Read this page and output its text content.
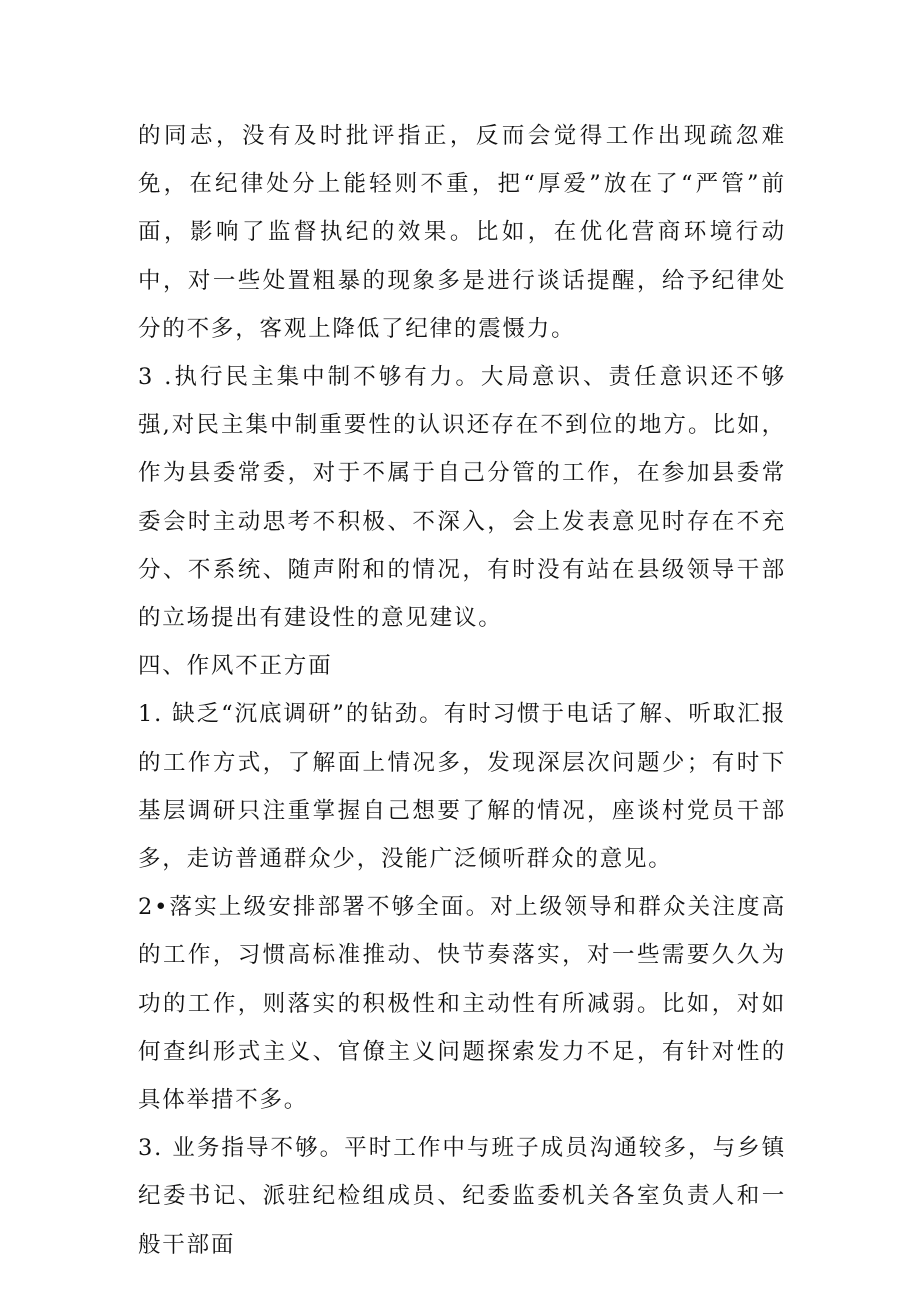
的同志，没有及时批评指正，反而会觉得工作出现疏忽难免，在纪律处分上能轻则不重，把“厚爱”放在了“严管”前面，影响了监督执纪的效果。比如，在优化营商环境行动中，对一些处置粗暴的现象多是进行谈话提醒，给予纪律处分的不多，客观上降低了纪律的震慑力。

3 .执行民主集中制不够有力。大局意识、责任意识还不够强,对民主集中制重要性的认识还存在不到位的地方。比如，作为县委常委，对于不属于自己分管的工作，在参加县委常委会时主动思考不积极、不深入，会上发表意见时存在不充分、不系统、随声附和的情况，有时没有站在县级领导干部的立场提出有建设性的意见建议。

四、作风不正方面

1. 缺乏“沉底调研”的钻劲。有时习惯于电话了解、听取汇报的工作方式，了解面上情况多，发现深层次问题少；有时下基层调研只注重掌握自己想要了解的情况，座谈村党员干部多，走访普通群众少，没能广泛倾听群众的意见。

2•落实上级安排部署不够全面。对上级领导和群众关注度高的工作，习惯高标准推动、快节奏落实，对一些需要久久为功的工作，则落实的积极性和主动性有所减弱。比如，对如何查纠形式主义、官僚主义问题探索发力不足，有针对性的具体举措不多。

3. 业务指导不够。平时工作中与班子成员沟通较多，与乡镇纪委书记、派驻纪检组成员、纪委监委机关各室负责人和一般干部面
